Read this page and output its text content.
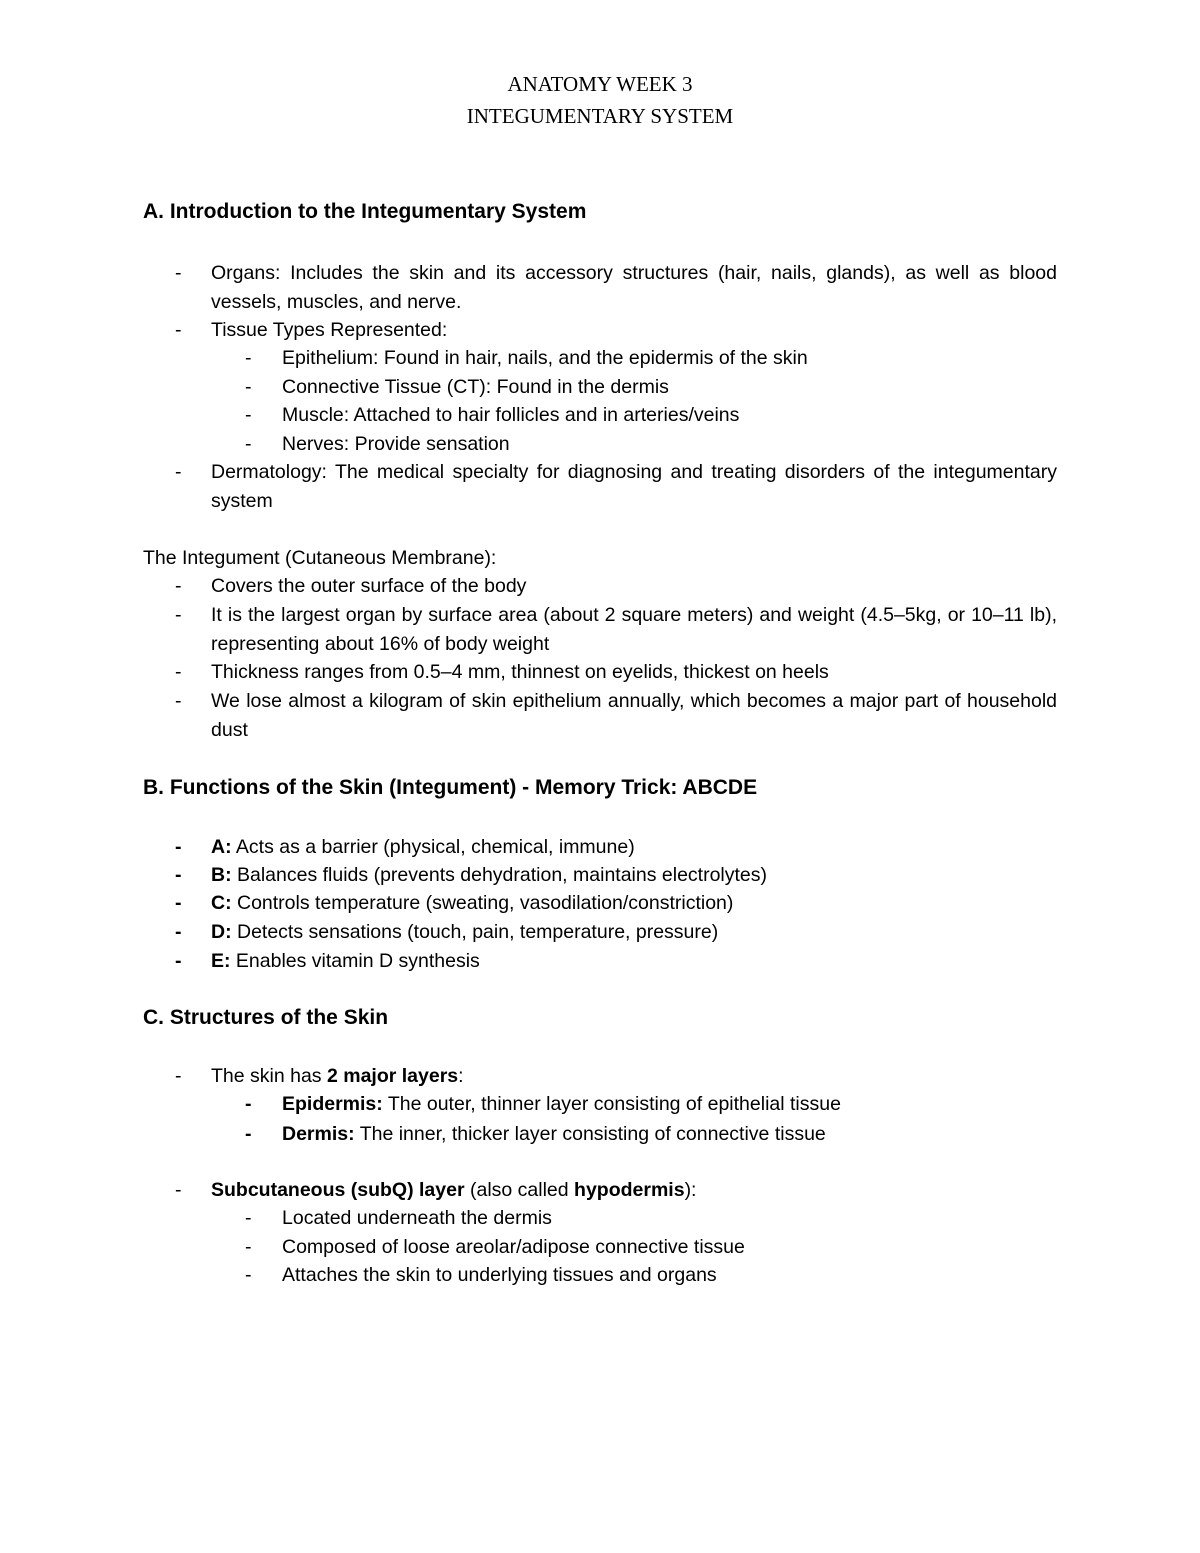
ANATOMY WEEK 3
INTEGUMENTARY SYSTEM
A. Introduction to the Integumentary System
- Organs: Includes the skin and its accessory structures (hair, nails, glands), as well as blood vessels, muscles, and nerve.
- Tissue Types Represented:
- Epithelium: Found in hair, nails, and the epidermis of the skin
- Connective Tissue (CT): Found in the dermis
- Muscle: Attached to hair follicles and in arteries/veins
- Nerves: Provide sensation
- Dermatology: The medical specialty for diagnosing and treating disorders of the integumentary system
The Integument (Cutaneous Membrane):
- Covers the outer surface of the body
- It is the largest organ by surface area (about 2 square meters) and weight (4.5–5kg, or 10–11 lb), representing about 16% of body weight
- Thickness ranges from 0.5–4 mm, thinnest on eyelids, thickest on heels
- We lose almost a kilogram of skin epithelium annually, which becomes a major part of household dust
B. Functions of the Skin (Integument) - Memory Trick: ABCDE
- A: Acts as a barrier (physical, chemical, immune)
- B: Balances fluids (prevents dehydration, maintains electrolytes)
- C: Controls temperature (sweating, vasodilation/constriction)
- D: Detects sensations (touch, pain, temperature, pressure)
- E: Enables vitamin D synthesis
C. Structures of the Skin
- The skin has 2 major layers:
- Epidermis: The outer, thinner layer consisting of epithelial tissue
- Dermis: The inner, thicker layer consisting of connective tissue
- Subcutaneous (subQ) layer (also called hypodermis):
- Located underneath the dermis
- Composed of loose areolar/adipose connective tissue
- Attaches the skin to underlying tissues and organs
